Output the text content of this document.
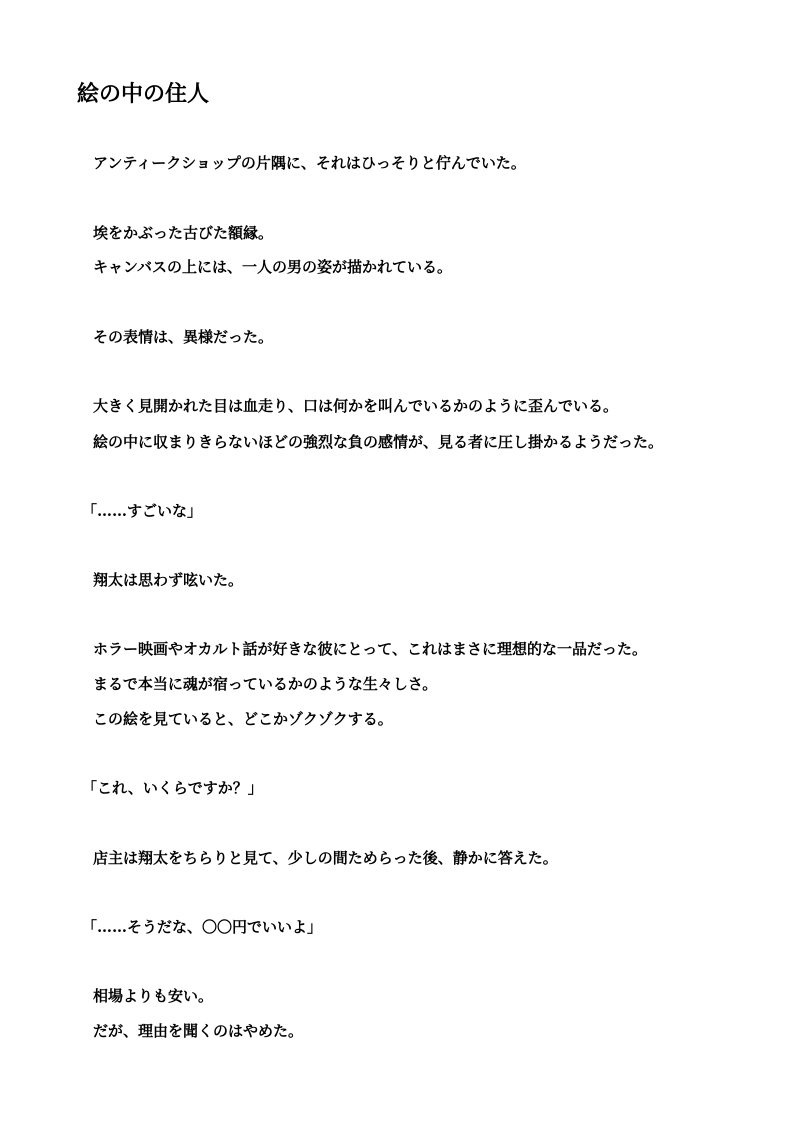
絵の中の住人

アンティークショップの片隅に、それはひっそりと佇んでいた。

埃をかぶった古びた額縁。

キャンバスの上には、一人の男の姿が描かれている。

その表情は、異様だった。

大きく見開かれた目は血走り、口は何かを叫んでいるかのように歪んでいる。

絵の中に収まりきらないほどの強烈な負の感情が、見る者に圧し掛かるようだった。

「……すごいな」

翔太は思わず呟いた。

ホラー映画やオカルト話が好きな彼にとって、これはまさに理想的な一品だった。

まるで本当に魂が宿っているかのような生々しさ。

この絵を見ていると、どこかゾクゾクする。

「これ、いくらですか？」

店主は翔太をちらりと見て、少しの間ためらった後、静かに答えた。

「……そうだな、〇〇円でいいよ」

相場よりも安い。

だが、理由を聞くのはやめた。
